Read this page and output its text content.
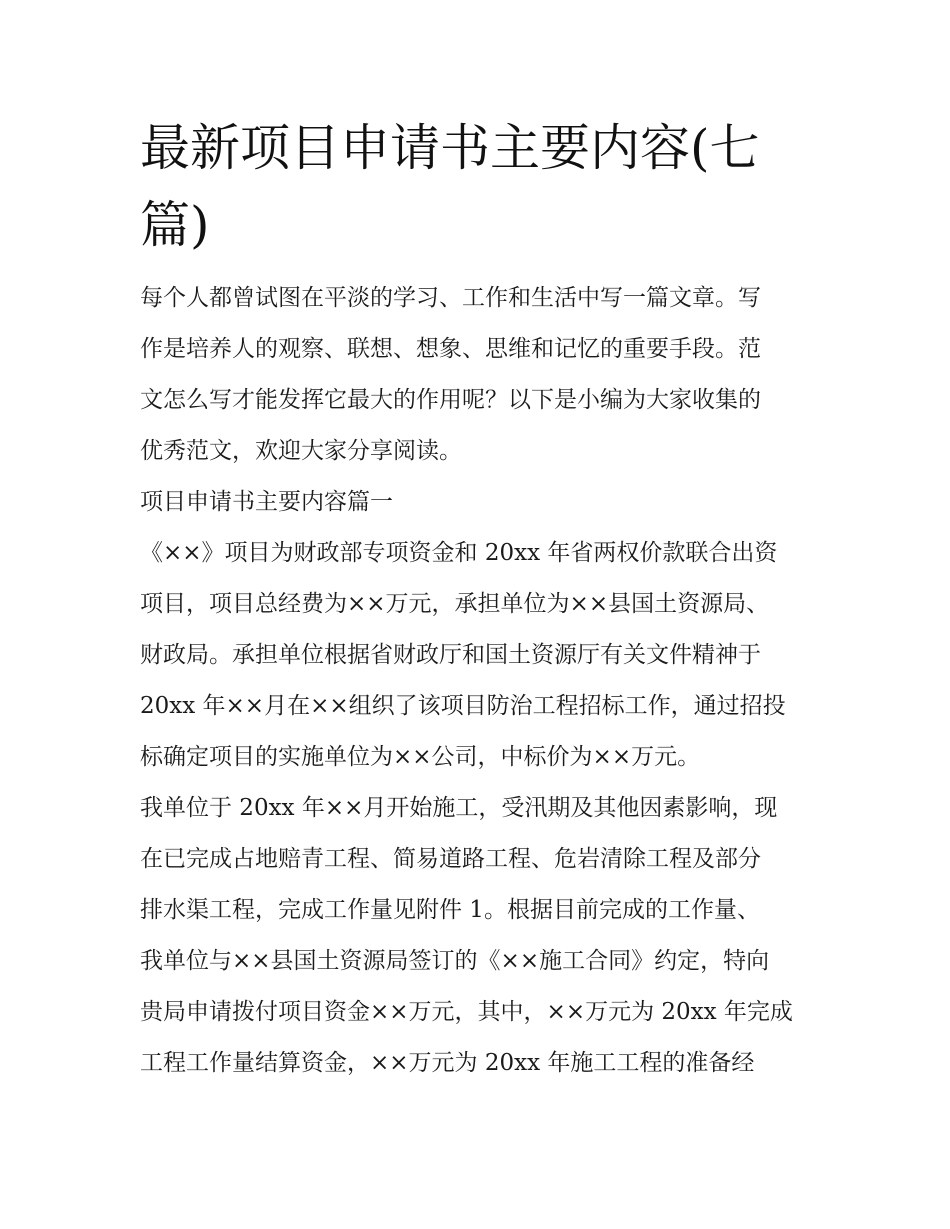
最新项目申请书主要内容(七
篇)
每个人都曾试图在平淡的学习、工作和生活中写一篇文章。写
作是培养人的观察、联想、想象、思维和记忆的重要手段。范
文怎么写才能发挥它最大的作用呢？以下是小编为大家收集的
优秀范文，欢迎大家分享阅读。
项目申请书主要内容篇一
《××》项目为财政部专项资金和 20xx 年省两权价款联合出资
项目，项目总经费为××万元，承担单位为××县国土资源局、
财政局。承担单位根据省财政厅和国土资源厅有关文件精神于
20xx 年××月在××组织了该项目防治工程招标工作，通过招投
标确定项目的实施单位为××公司，中标价为××万元。
我单位于 20xx 年××月开始施工，受汛期及其他因素影响，现
在已完成占地赔青工程、简易道路工程、危岩清除工程及部分
排水渠工程，完成工作量见附件 1。根据目前完成的工作量、
我单位与××县国土资源局签订的《××施工合同》约定，特向
贵局申请拨付项目资金××万元，其中，××万元为 20xx 年完成
工程工作量结算资金，××万元为 20xx 年施工工程的准备经
